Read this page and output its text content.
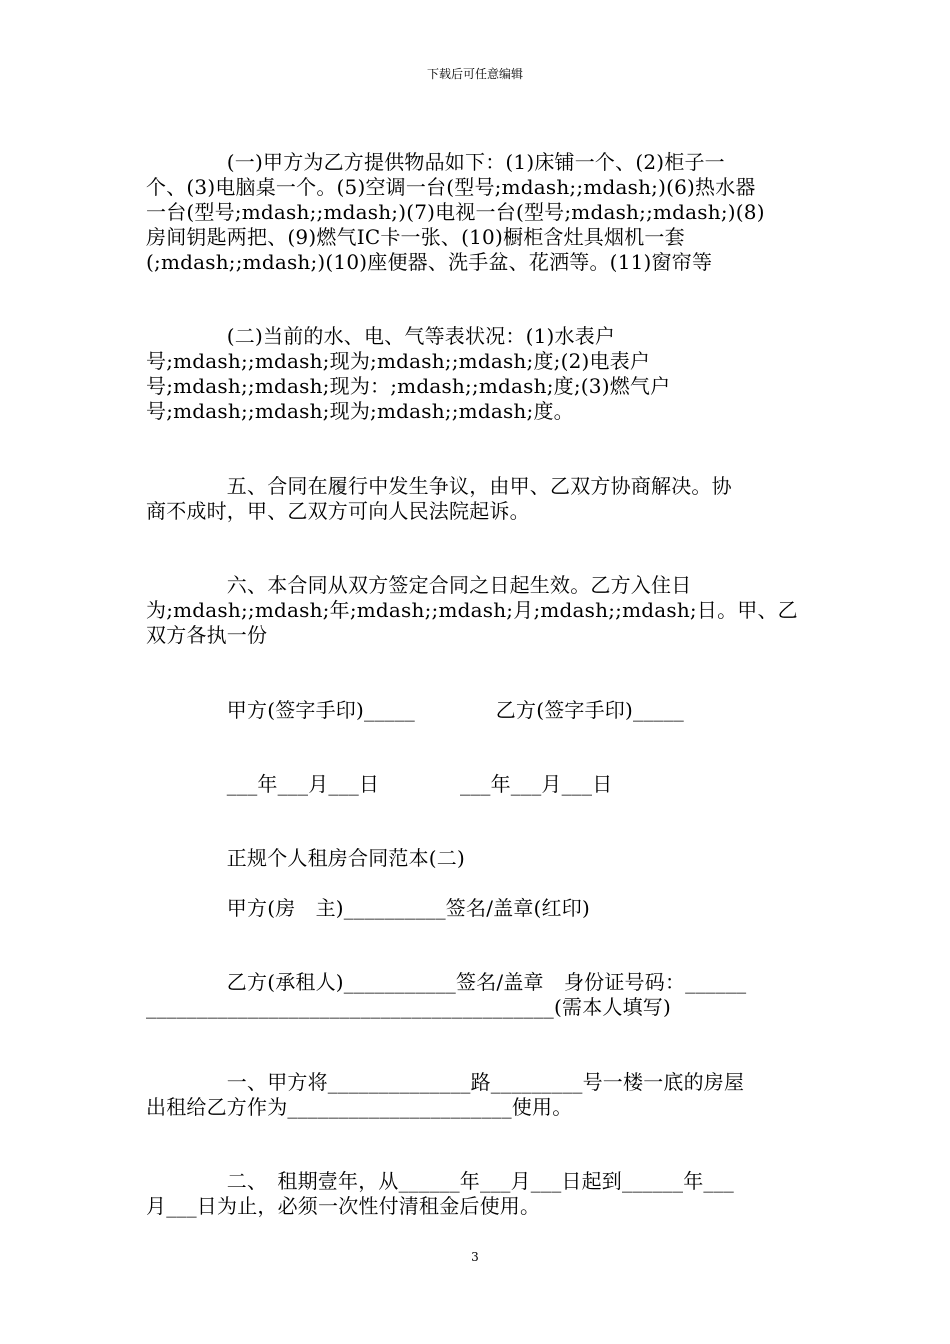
下载后可任意编辑
　　　　(一)甲方为乙方提供物品如下：(1)床铺一个、(2)柜子一
个、(3)电脑桌一个。(5)空调一台(型号;mdash;;mdash;)(6)热水器
一台(型号;mdash;;mdash;)(7)电视一台(型号;mdash;;mdash;)(8)
房间钥匙两把、(9)燃气IC卡一张、(10)橱柜含灶具烟机一套
(;mdash;;mdash;)(10)座便器、洗手盆、花洒等。(11)窗帘等
　　　　(二)当前的水、电、气等表状况：(1)水表户
号;mdash;;mdash;现为;mdash;;mdash;度;(2)电表户
号;mdash;;mdash;现为：;mdash;;mdash;度;(3)燃气户
号;mdash;;mdash;现为;mdash;;mdash;度。
　　　　五、合同在履行中发生争议，由甲、乙双方协商解决。协
商不成时，甲、乙双方可向人民法院起诉。
　　　　六、本合同从双方签定合同之日起生效。乙方入住日
为;mdash;;mdash;年;mdash;;mdash;月;mdash;;mdash;日。甲、乙
双方各执一份
　　　　甲方(签字手印)_____　　　　乙方(签字手印)_____
　　　　___年___月___日　　　　___年___月___日
　　　　正规个人租房合同范本(二)
　　　　甲方(房　主)__________签名/盖章(红印)
　　　　乙方(承租人)___________签名/盖章　身份证号码：______
________________________________________(需本人填写)
　　　　一、甲方将______________路_________号一楼一底的房屋
出租给乙方作为______________________使用。
　　　　二、　租期壹年，从______年___月___日起到______年___
月___日为止，必须一次性付清租金后使用。
3
